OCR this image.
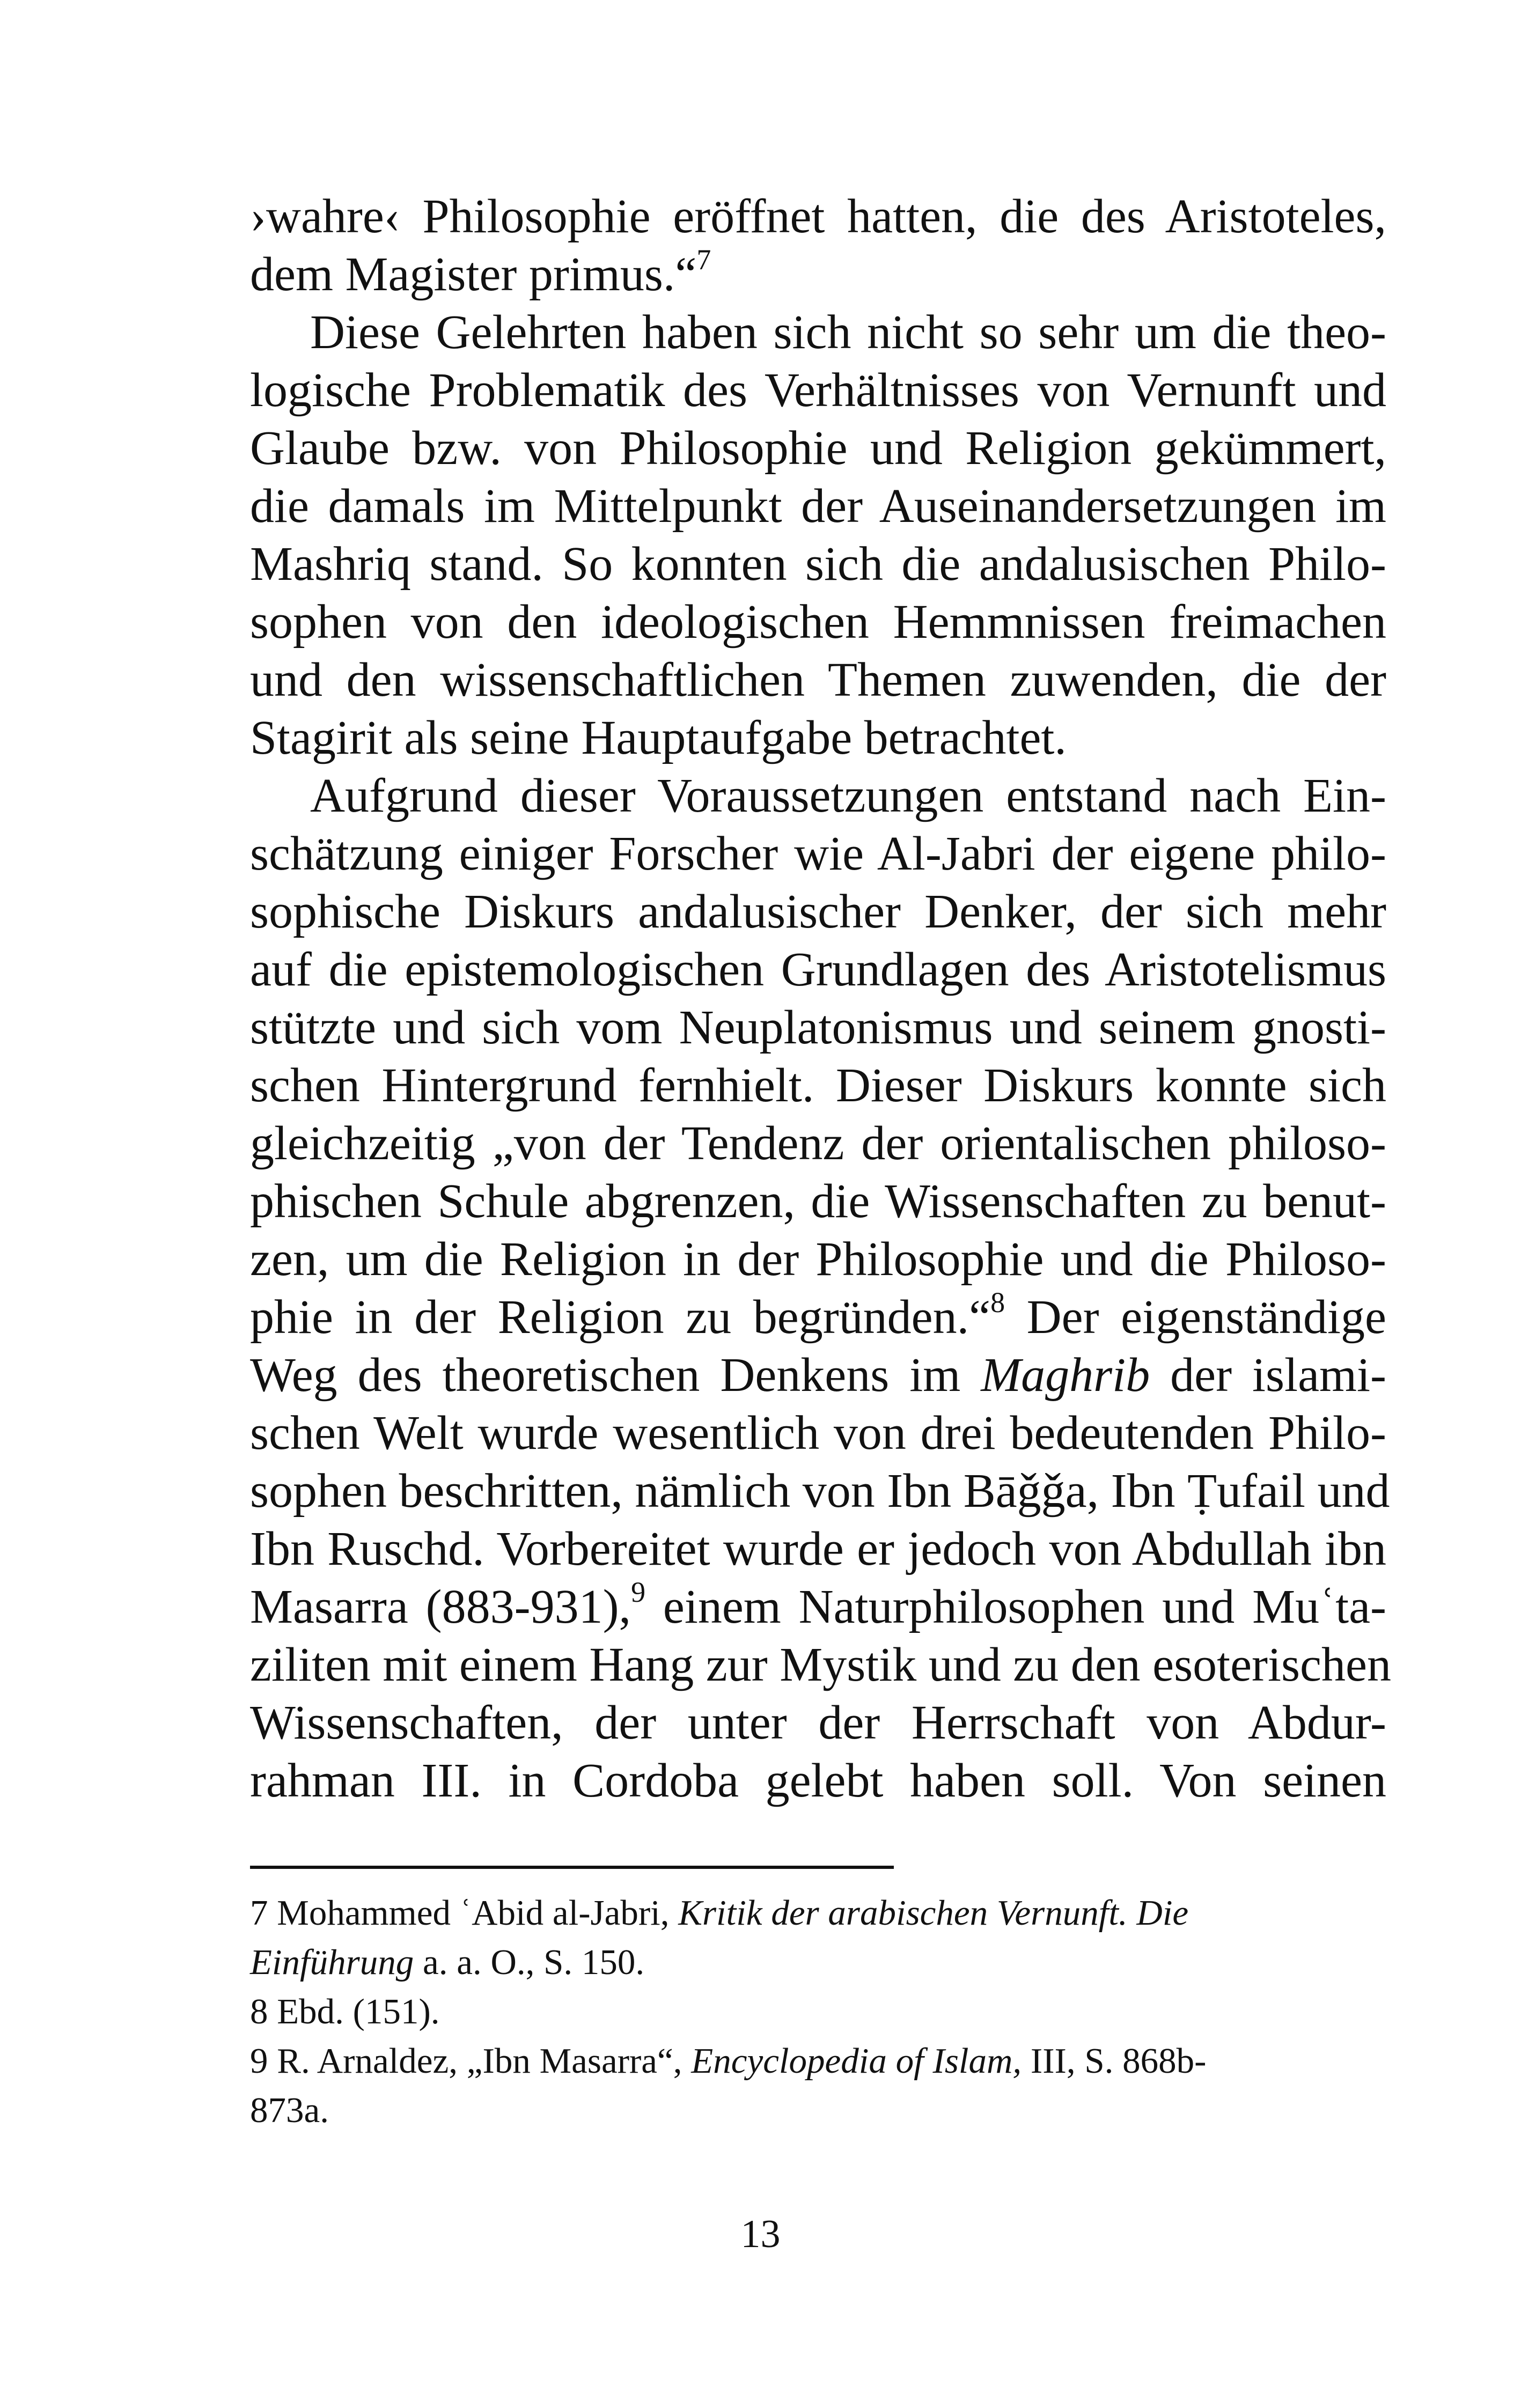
›wahre‹ Philosophie eröffnet hatten, die des Aristoteles,
dem Magister primus.“$^7$
Diese Gelehrten haben sich nicht so sehr um die theo-
logische Problematik des Verhältnisses von Vernunft und
Glaube bzw. von Philosophie und Religion gekümmert,
die damals im Mittelpunkt der Auseinandersetzungen im
Mashriq stand. So konnten sich die andalusischen Philo-
sophen von den ideologischen Hemmnissen freimachen
und den wissenschaftlichen Themen zuwenden, die der
Stagirit als seine Hauptaufgabe betrachtet.
Aufgrund dieser Voraussetzungen entstand nach Ein-
schätzung einiger Forscher wie Al-Jabri der eigene philo-
sophische Diskurs andalusischer Denker, der sich mehr
auf die epistemologischen Grundlagen des Aristotelismus
stützte und sich vom Neuplatonismus und seinem gnosti-
schen Hintergrund fernhielt. Dieser Diskurs konnte sich
gleichzeitig „von der Tendenz der orientalischen philoso-
phischen Schule abgrenzen, die Wissenschaften zu benut-
zen, um die Religion in der Philosophie und die Philoso-
phie in der Religion zu begründen.“$^8$ Der eigenständige
Weg des theoretischen Denkens im Maghrib der islami-
schen Welt wurde wesentlich von drei bedeutenden Philo-
sophen beschritten, nämlich von Ibn Bāǧǧa, Ibn Ṭufail und
Ibn Ruschd. Vorbereitet wurde er jedoch von Abdullah ibn
Masarra (883-931),$^9$ einem Naturphilosophen und Muʿta-
ziliten mit einem Hang zur Mystik und zu den esoterischen
Wissenschaften, der unter der Herrschaft von Abdur-
rahman III. in Cordoba gelebt haben soll. Von seinen
7 Mohammed ʿAbid al-Jabri, Kritik der arabischen Vernunft. Die
Einführung a. a. O., S. 150.
8 Ebd. (151).
9 R. Arnaldez, „Ibn Masarra“, Encyclopedia of Islam, III, S. 868b-
873a.
13
